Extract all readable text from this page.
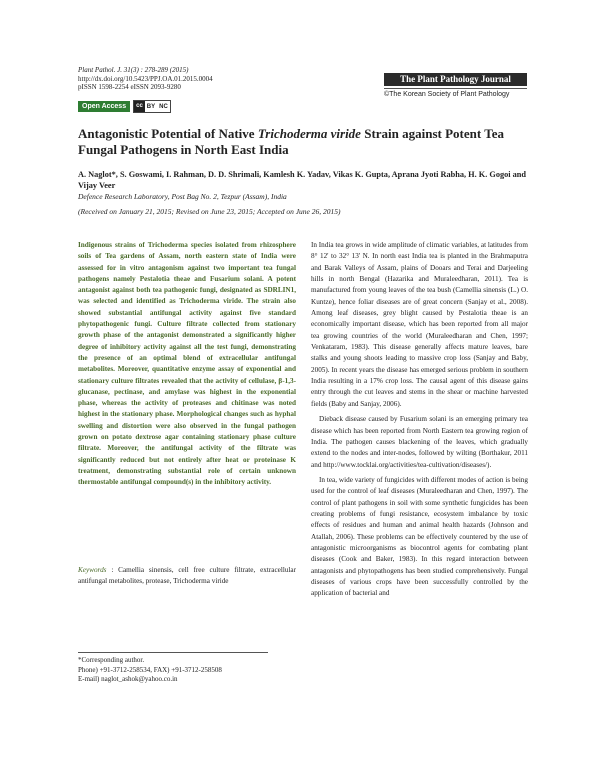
Plant Pathol. J. 31(3) : 278-289 (2015)
http://dx.doi.org/10.5423/PPJ.OA.01.2015.0004
pISSN 1598-2254 eISSN 2093-9280
Open Access	cc BY NC
The Plant Pathology Journal
©The Korean Society of Plant Pathology
Antagonistic Potential of Native Trichoderma viride Strain against Potent Tea Fungal Pathogens in North East India
A. Naglot*, S. Goswami, I. Rahman, D. D. Shrimali, Kamlesh K. Yadav, Vikas K. Gupta, Aprana Jyoti Rabha, H. K. Gogoi and Vijay Veer
Defence Research Laboratory, Post Bag No. 2, Tezpur (Assam), India
(Received on January 21, 2015; Revised on June 23, 2015; Accepted on June 26, 2015)
Indigenous strains of Trichoderma species isolated from rhizosphere soils of Tea gardens of Assam, north eastern state of India were assessed for in vitro antagonism against two important tea fungal pathogens namely Pestalotia theae and Fusarium solani. A potent antagonist against both tea pathogenic fungi, designated as SDRLIN1, was selected and identified as Trichoderma viride. The strain also showed substantial antifungal activity against five standard phytopathogenic fungi. Culture filtrate collected from stationary growth phase of the antagonist demonstrated a significantly higher degree of inhibitory activity against all the test fungi, demonstrating the presence of an optimal blend of extracellular antifungal metabolites. Moreover, quantitative enzyme assay of exponential and stationary culture filtrates revealed that the activity of cellulase, β-1,3-glucanase, pectinase, and amylase was highest in the exponential phase, whereas the activity of proteases and chitinase was noted highest in the stationary phase. Morphological changes such as hyphal swelling and distortion were also observed in the fungal pathogen grown on potato dextrose agar containing stationary phase culture filtrate. Moreover, the antifungal activity of the filtrate was significantly reduced but not entirely after heat or proteinase K treatment, demonstrating substantial role of certain unknown thermostable antifungal compound(s) in the inhibitory activity.
Keywords : Camellia sinensis, cell free culture filtrate, extracellular antifungal metabolites, protease, Trichoderma viride
*Corresponding author.
Phone) +91-3712-258534, FAX) +91-3712-258508
E-mail) naglot_ashok@yahoo.co.in

In India tea grows in wide amplitude of climatic variables, at latitudes from 8° 12' to 32° 13' N. In north east India tea is planted in the Brahmaputra and Barak Valleys of Assam, plains of Dooars and Terai and Darjeeling hills in north Bengal (Hazarika and Muraleedharan, 2011). Tea is manufactured from young leaves of the tea bush (Camellia sinensis (L.) O. Kuntze), hence foliar diseases are of great concern (Sanjay et al., 2008). Among leaf diseases, grey blight caused by Pestalotia theae is an economically important disease, which has been reported from all major tea growing countries of the world (Muraleedharan and Chen, 1997; Venkataram, 1983). This disease generally affects mature leaves, bare stalks and young shoots leading to massive crop loss (Sanjay and Baby, 2005). In recent years the disease has emerged serious problem in southern India resulting in a 17% crop loss. The causal agent of this disease gains entry through the cut leaves and stems in the shear or machine harvested fields (Baby and Sanjay, 2006).

Dieback disease caused by Fusarium solani is an emerging primary tea disease which has been reported from North Eastern tea growing region of India. The pathogen causes blackening of the leaves, which gradually extend to the nodes and inter-nodes, followed by wilting (Borthakur, 2011 and http://www.tocklai.org/activities/tea-cultivation/diseases/).

In tea, wide variety of fungicides with different modes of action is being used for the control of leaf diseases (Muraleedharan and Chen, 1997). The control of plant pathogens in soil with some synthetic fungicides has been creating problems of fungi resistance, ecosystem imbalance by toxic effects of residues and human and animal health hazards (Johnson and Atallah, 2006). These problems can be effectively countered by the use of antagonistic microorganisms as biocontrol agents for combating plant diseases (Cook and Baker, 1983). In this regard interaction between antagonists and phytopathogens has been studied comprehensively. Fungal diseases of various crops have been successfully controlled by the application of bacterial and
